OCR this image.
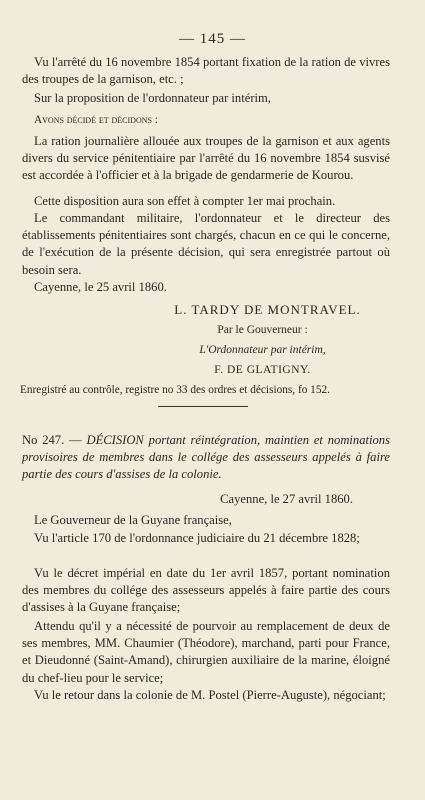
— 145 —

Vu l'arrêté du 16 novembre 1854 portant fixation de la ration de vivres des troupes de la garnison, etc. ;

Sur la proposition de l'ordonnateur par intérim,

Avons décidé et décidons :

La ration journalière allouée aux troupes de la garnison et aux agents divers du service pénitentiaire par l'arrêté du 16 novembre 1854 susvisé est accordée à l'officier et à la brigade de gendarmerie de Kourou.

Cette disposition aura son effet à compter 1er mai prochain.

Le commandant militaire, l'ordonnateur et le directeur des établissements pénitentiaires sont chargés, chacun en ce qui le concerne, de l'exécution de la présente décision, qui sera enregistrée partout où besoin sera.

Cayenne, le 25 avril 1860.

L. TARDY DE MONTRAVEL.
Par le Gouverneur :
L'Ordonnateur par intérim,
F. DE GLATIGNY.

Enregistré au contrôle, registre no 33 des ordres et décisions, fo 152.

No 247. — DÉCISION portant réintégration, maintien et nominations provisoires de membres dans le collége des assesseurs appelés à faire partie des cours d'assises de la colonie.

Cayenne, le 27 avril 1860.

Le Gouverneur de la Guyane française,

Vu l'article 170 de l'ordonnance judiciaire du 21 décembre 1828;

Vu le décret impérial en date du 1er avril 1857, portant nomination des membres du collége des assesseurs appelés à faire partie des cours d'assises à la Guyane française;

Attendu qu'il y a nécessité de pourvoir au remplacement de deux de ses membres, MM. Chaumier (Théodore), marchand, parti pour France, et Dieudonné (Saint-Amand), chirurgien auxiliaire de la marine, éloigné du chef-lieu pour le service;

Vu le retour dans la colonie de M. Postel (Pierre-Auguste), négociant;
